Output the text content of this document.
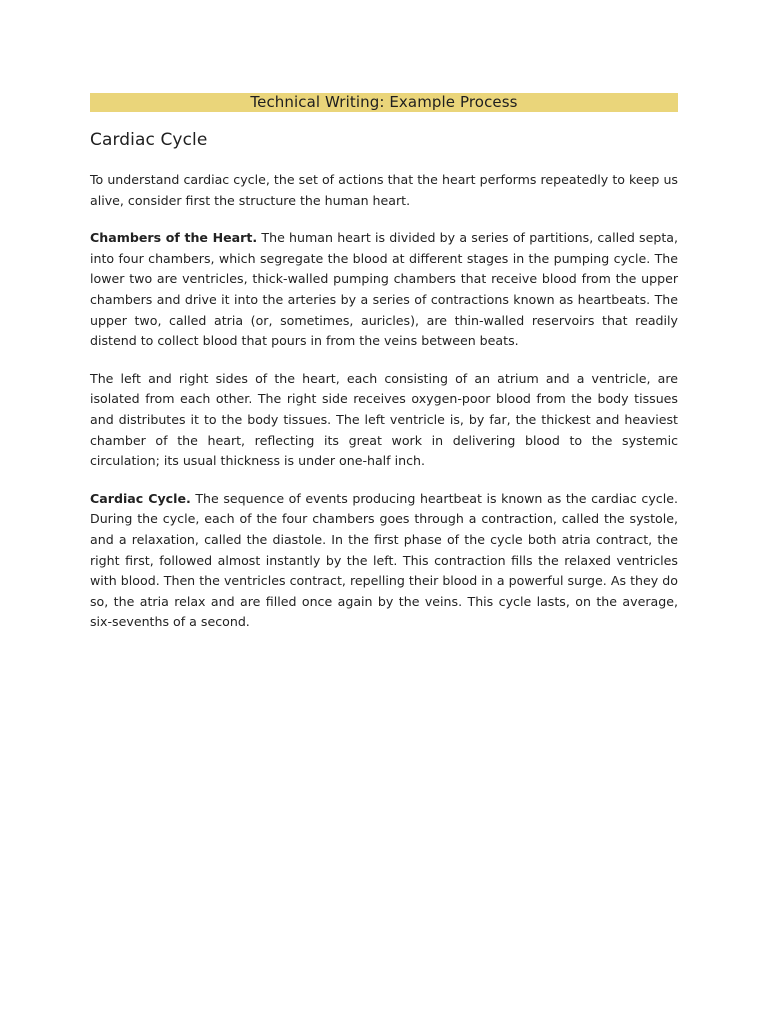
Technical Writing: Example Process
Cardiac Cycle

To understand cardiac cycle, the set of actions that the heart performs repeatedly to keep us alive, consider first the structure the human heart.

Chambers of the Heart. The human heart is divided by a series of partitions, called septa, into four chambers, which segregate the blood at different stages in the pumping cycle. The lower two are ventricles, thick-walled pumping chambers that receive blood from the upper chambers and drive it into the arteries by a series of contractions known as heartbeats. The upper two, called atria (or, sometimes, auricles), are thin-walled reservoirs that readily distend to collect blood that pours in from the veins between beats.

The left and right sides of the heart, each consisting of an atrium and a ventricle, are isolated from each other. The right side receives oxygen-poor blood from the body tissues and distributes it to the body tissues. The left ventricle is, by far, the thickest and heaviest chamber of the heart, reflecting its great work in delivering blood to the systemic circulation; its usual thickness is under one-half inch.

Cardiac Cycle. The sequence of events producing heartbeat is known as the cardiac cycle. During the cycle, each of the four chambers goes through a contraction, called the systole, and a relaxation, called the diastole. In the first phase of the cycle both atria contract, the right first, followed almost instantly by the left. This contraction fills the relaxed ventricles with blood. Then the ventricles contract, repelling their blood in a powerful surge. As they do so, the atria relax and are filled once again by the veins. This cycle lasts, on the average, six-sevenths of a second.
